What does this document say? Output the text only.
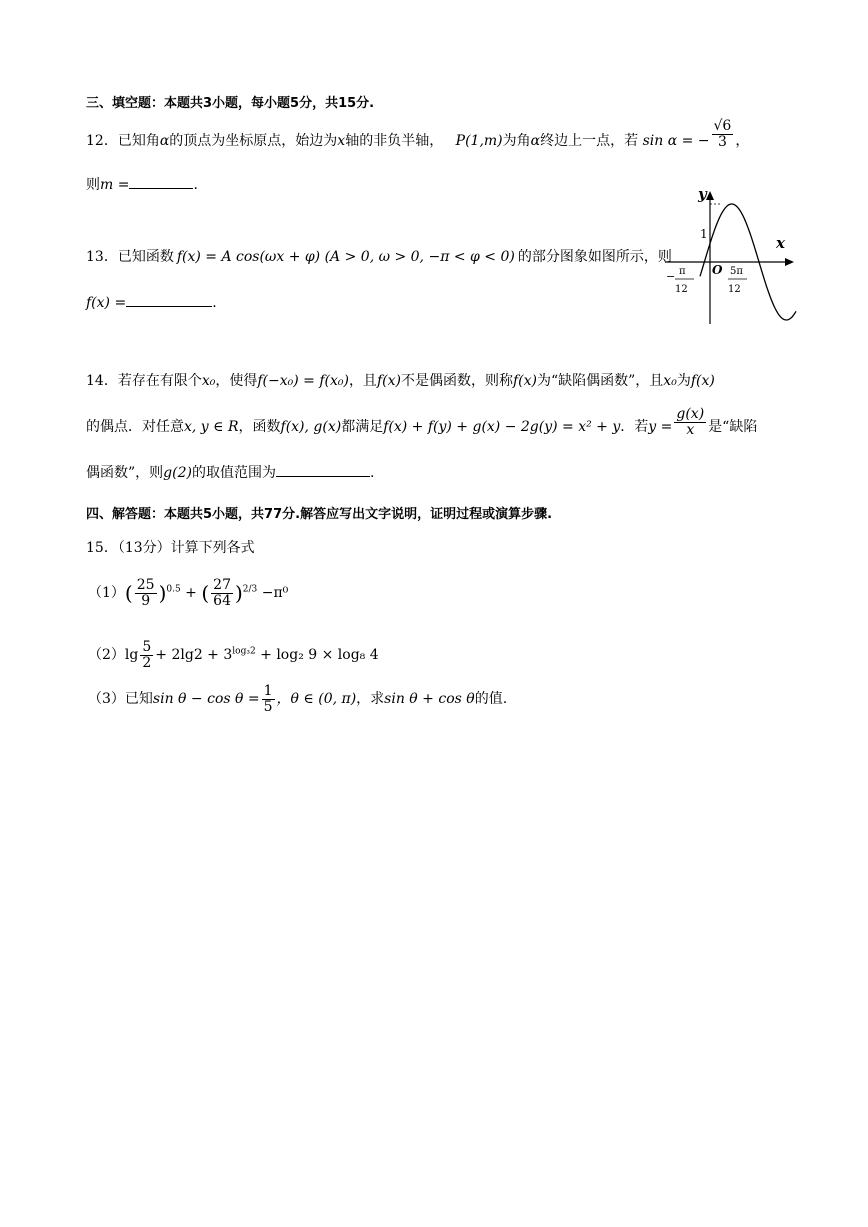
三、填空题：本题共3小题，每小题5分，共15分.
12．已知角α的顶点为坐标原点，始边为x轴的非负半轴， P(1,m)为角α终边上一点，若 sin α = − $\frac{√6}{3}$ ，
则m =	.
13．已知函数 f(x) = A cos(ωx + φ) (A > 0, ω > 0, −π < φ < 0) 的部分图象如图所示，则
f(x) =	.
y
x
1
O
− π
12
5π
12
14．若存在有限个x₀，使得f(−x₀) = f(x₀)，且f(x)不是偶函数，则称f(x)为“缺陷偶函数”，且x₀为f(x)
的偶点．对任意x, y ∈ R，函数f(x), g(x)都满足f(x) + f(y) + g(x) − 2g(y) = x² + y．若$y = \frac{g(x)}{x}$ 是“缺陷
偶函数”，则g(2)的取值范围为	.
四、解答题：本题共5小题，共77分.解答应写出文字说明，证明过程或演算步骤.
15．（13分）计算下列各式
$(1)( \frac{25}{9} )^{0.5}$ + ( $\frac{27}{64} )^{2/3} -\pi^0$
$(2)\lg \frac{5}{2} + 2\lg 2 + 3^{log_32} + \log_2$ 9 × log₈ 4
（3）已知$\sin \theta - \cos \theta = \frac{1}{5}$ ，θ ∈ (0, π)，求sin θ + cos θ的值.
